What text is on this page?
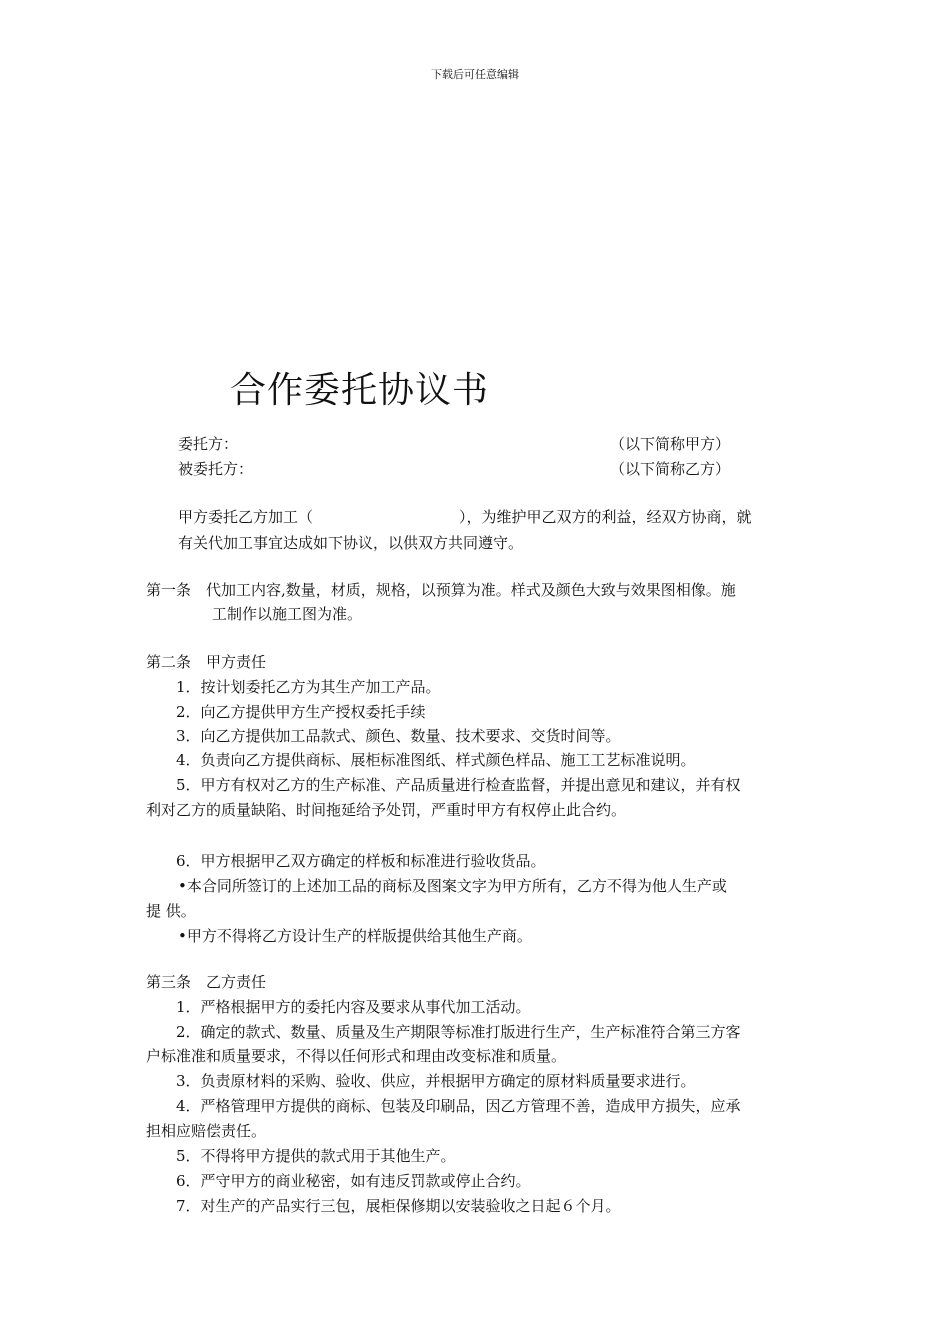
下载后可任意编辑
合作委托协议书

委托方：	（以下简称甲方）

被委托方：	（以下简称乙方）

甲方委托乙方加工（	），为维护甲乙双方的利益，经双方协商，就

有关代加工事宜达成如下协议，以供双方共同遵守。

第一条　代加工内容,数量，材质，规格，以预算为准。样式及颜色大致与效果图相像。施

工制作以施工图为准。

第二条　甲方责任

1．按计划委托乙方为其生产加工产品。

2．向乙方提供甲方生产授权委托手续

3．向乙方提供加工品款式、颜色、数量、技术要求、交货时间等。

4．负责向乙方提供商标、展柜标准图纸、样式颜色样品、施工工艺标准说明。

5．甲方有权对乙方的生产标准、产品质量进行检查监督，并提出意见和建议，并有权

利对乙方的质量缺陷、时间拖延给予处罚，严重时甲方有权停止此合约。

6．甲方根据甲乙双方确定的样板和标准进行验收货品。

•本合同所签订的上述加工品的商标及图案文字为甲方所有，乙方不得为他人生产或

提 供。

•甲方不得将乙方设计生产的样版提供给其他生产商。

第三条　乙方责任

1．严格根据甲方的委托内容及要求从事代加工活动。

2．确定的款式、数量、质量及生产期限等标准打版进行生产，生产标准符合第三方客

户标准准和质量要求，不得以任何形式和理由改变标准和质量。

3．负责原材料的采购、验收、供应，并根据甲方确定的原材料质量要求进行。

4．严格管理甲方提供的商标、包装及印刷品，因乙方管理不善，造成甲方损失，应承

担相应赔偿责任。

5．不得将甲方提供的款式用于其他生产。

6．严守甲方的商业秘密，如有违反罚款或停止合约。

7．对生产的产品实行三包，展柜保修期以安装验收之日起６个月。
